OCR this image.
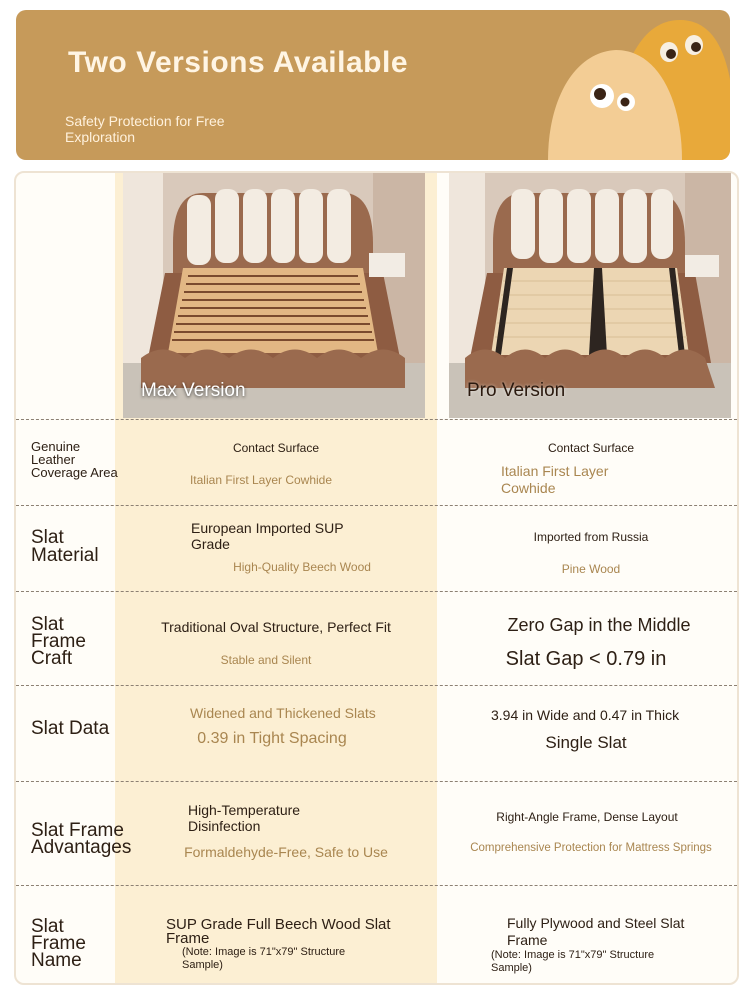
Two Versions Available
Safety Protection for Free Exploration
Max Version	Pro Version
Genuine Leather Coverage Area
Contact Surface
Italian First Layer Cowhide
Contact Surface
Italian First Layer Cowhide
Slat Material
European Imported SUP Grade
High-Quality Beech Wood
Imported from Russia
Pine Wood
Slat Frame Craft
Traditional Oval Structure, Perfect Fit
Stable and Silent
Zero Gap in the Middle
Slat Gap < 0.79 in
Slat Data
Widened and Thickened Slats
0.39 in Tight Spacing
3.94 in Wide and 0.47 in Thick
Single Slat
Slat Frame Advantages
High-Temperature Disinfection
Formaldehyde-Free, Safe to Use
Right-Angle Frame, Dense Layout
Comprehensive Protection for Mattress Springs
Slat Frame Name
SUP Grade Full Beech Wood Slat Frame
(Note: Image is 71"x79" Structure Sample)
Fully Plywood and Steel Slat Frame
(Note: Image is 71"x79" Structure Sample)
